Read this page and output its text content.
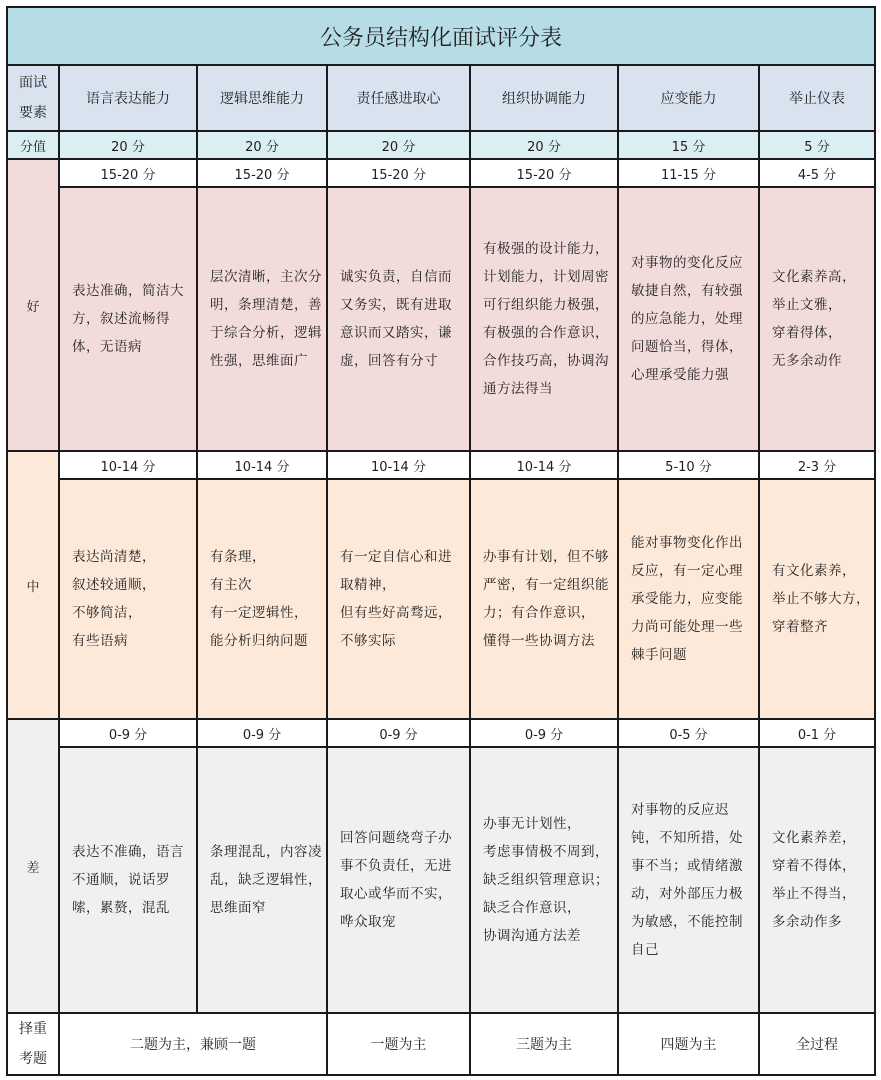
公务员结构化面试评分表						

面试
要素	语言表达能力	逻辑思维能力	责任感进取心	组织协调能力	应变能力	举止仪表
分值	20 分	20 分	20 分	20 分	15 分	5 分
好	15-20 分	15-20 分	15-20 分	15-20 分	11-15 分	4-5 分

表达准确，简洁大
方，叙述流畅得
体，无语病

层次清晰，主次分
明，条理清楚，善
于综合分析，逻辑
性强，思维面广

诚实负责，自信而
又务实，既有进取
意识而又踏实，谦
虚，回答有分寸

有极强的设计能力，
计划能力，计划周密
可行组织能力极强，
有极强的合作意识，
合作技巧高，协调沟
通方法得当

对事物的变化反应
敏捷自然，有较强
的应急能力，处理
问题恰当，得体，
心理承受能力强

文化素养高，
举止文雅，
穿着得体，
无多余动作

中	10-14 分	10-14 分	10-14 分	10-14 分	5-10 分	2-3 分

	表达尚清楚，
叙述较通顺，
不够简洁，
有些语病	有条理，
有主次
有一定逻辑性，
能分析归纳问题	有一定自信心和进
取精神，
但有些好高骛远，
不够实际	办事有计划，但不够
严密，有一定组织能
力；有合作意识，
懂得一些协调方法	能对事物变化作出
反应，有一定心理
承受能力，应变能
力尚可能处理一些
棘手问题	有文化素养，
举止不够大方，
穿着整齐

差	0-9 分	0-9 分	0-9 分	0-9 分	0-5 分	0-1 分

表达不准确，语言
不通顺，说话罗
嗦，累赘，混乱

条理混乱，内容凌
乱，缺乏逻辑性，
思维面窄

回答问题绕弯子办
事不负责任，无进
取心或华而不实，
哗众取宠

办事无计划性，
考虑事情极不周到，
缺乏组织管理意识；
缺乏合作意识，
协调沟通方法差

对事物的反应迟
钝，不知所措，处
事不当；或情绪激
动，对外部压力极
为敏感，不能控制
自己

文化素养差，
穿着不得体，
举止不得当，
多余动作多

择重
考题	二题为主，兼顾一题		一题为主	三题为主	四题为主	全过程
